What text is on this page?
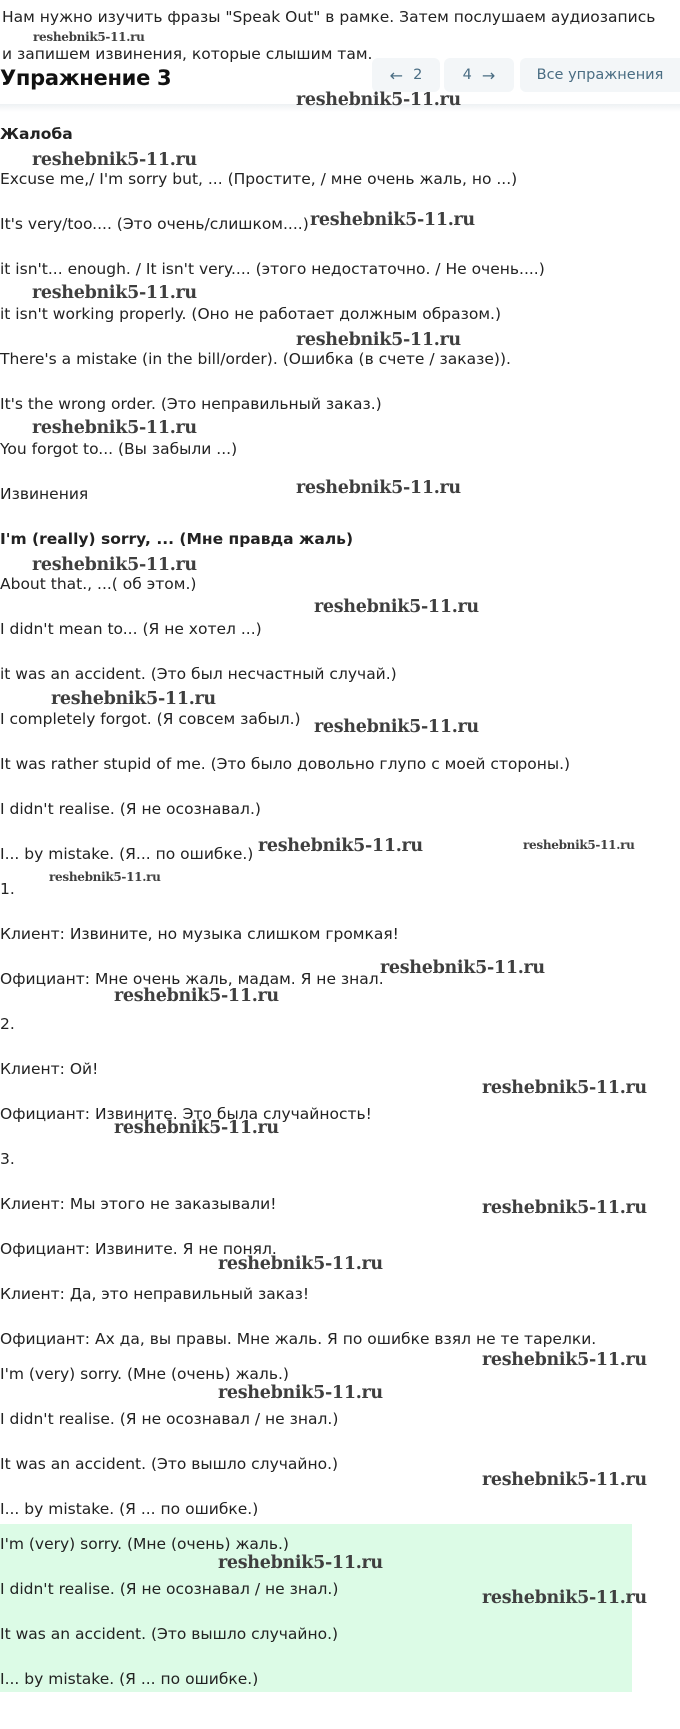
Нам нужно изучить фразы "Speak Out" в рамке. Затем послушаем аудиозапись
и запишем извинения, которые слышим там.
Упражнение 3	← 2	4 →	Все упражнения
Жалоба
Excuse me,/ I'm sorry but, ... (Простите, / мне очень жаль, но ...)
It's very/too.... (Это очень/слишком....)
it isn't... enough. / It isn't very.... (этого недостаточно. / Не очень....)
it isn't working properly. (Оно не работает должным образом.)
There's a mistake (in the bill/order). (Ошибка (в счете / заказе)).
It's the wrong order. (Это неправильный заказ.)
You forgot to... (Вы забыли ...)
Извинения
I'm (really) sorry, ... (Мне правда жаль)
About that., ...( об этом.)
I didn't mean to... (Я не хотел ...)
it was an accident. (Это был несчастный случай.)
I completely forgot. (Я совсем забыл.)
It was rather stupid of me. (Это было довольно глупо с моей стороны.)
I didn't realise. (Я не осознавал.)
I... by mistake. (Я... по ошибке.)
1.
Клиент: Извините, но музыка слишком громкая!
Официант: Мне очень жаль, мадам. Я не знал.
2.
Клиент: Ой!
Официант: Извините. Это была случайность!
3.
Клиент: Мы этого не заказывали!
Официант: Извините. Я не понял.
Клиент: Да, это неправильный заказ!
Официант: Ах да, вы правы. Мне жаль. Я по ошибке взял не те тарелки.
I'm (very) sorry. (Мне (очень) жаль.)
I didn't realise. (Я не осознавал / не знал.)
It was an accident. (Это вышло случайно.)
I... by mistake. (Я ... по ошибке.)
I'm (very) sorry. (Мне (очень) жаль.)
I didn't realise. (Я не осознавал / не знал.)
It was an accident. (Это вышло случайно.)
I... by mistake. (Я ... по ошибке.)
reshebnik5-11.ru
reshebnik5-11.ru
reshebnik5-11.ru
reshebnik5-11.ru
reshebnik5-11.ru
reshebnik5-11.ru
reshebnik5-11.ru
reshebnik5-11.ru
reshebnik5-11.ru
reshebnik5-11.ru
reshebnik5-11.ru
reshebnik5-11.ru
reshebnik5-11.ru	reshebnik5-11.ru
reshebnik5-11.ru
reshebnik5-11.ru
reshebnik5-11.ru
reshebnik5-11.ru
reshebnik5-11.ru
reshebnik5-11.ru
reshebnik5-11.ru
reshebnik5-11.ru
reshebnik5-11.ru
reshebnik5-11.ru
reshebnik5-11.ru
reshebnik5-11.ru
